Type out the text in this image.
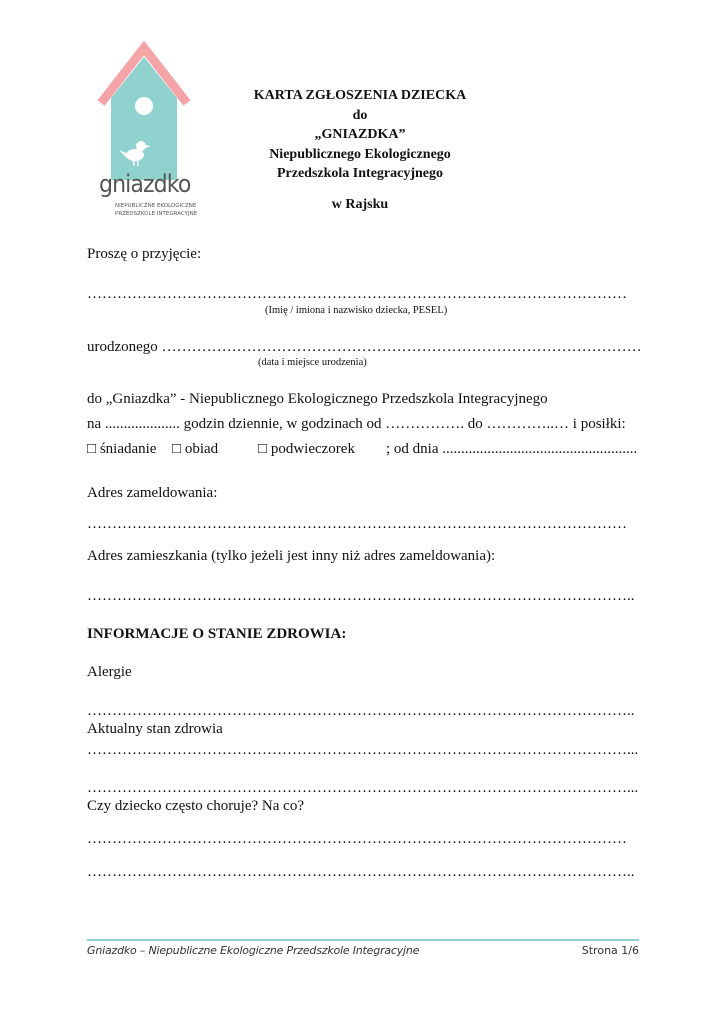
gniazdko
NIEPUBLICZNE EKOLOGICZNE
PRZEDSZKOLE INTEGRACYJNE
KARTA ZGŁOSZENIA DZIECKA
do
„GNIAZDKA”
Niepublicznego Ekologicznego
Przedszkola Integracyjnego
w Rajsku
Proszę o przyjęcie:
………………………………………………………………………………………………
(Imię / imiona i nazwisko dziecka, PESEL)
urodzonego ……………………………………………………………………………………
(data i miejsce urodzenia)
do „Gniazdka” - Niepublicznego Ekologicznego Przedszkola Integracyjnego
na .................... godzin dziennie, w godzinach od ……………. do …………..… i posiłki:
□ śniadanie □ obiad	□ podwieczorek ; od dnia ....................................................
Adres zameldowania:
………………………………………………………………………………………………
Adres zamieszkania (tylko jeżeli jest inny niż adres zameldowania):
………………………………………………………………………………………………..
INFORMACJE O STANIE ZDROWIA:
Alergie
………………………………………………………………………………………………..
Aktualny stan zdrowia
………………………………………………………………………………………………...
………………………………………………………………………………………………...
Czy dziecko często choruje? Na co?
………………………………………………………………………………………………
………………………………………………………………………………………………..
Gniazdko – Niepubliczne Ekologiczne Przedszkole Integracyjne	Strona 1/6
